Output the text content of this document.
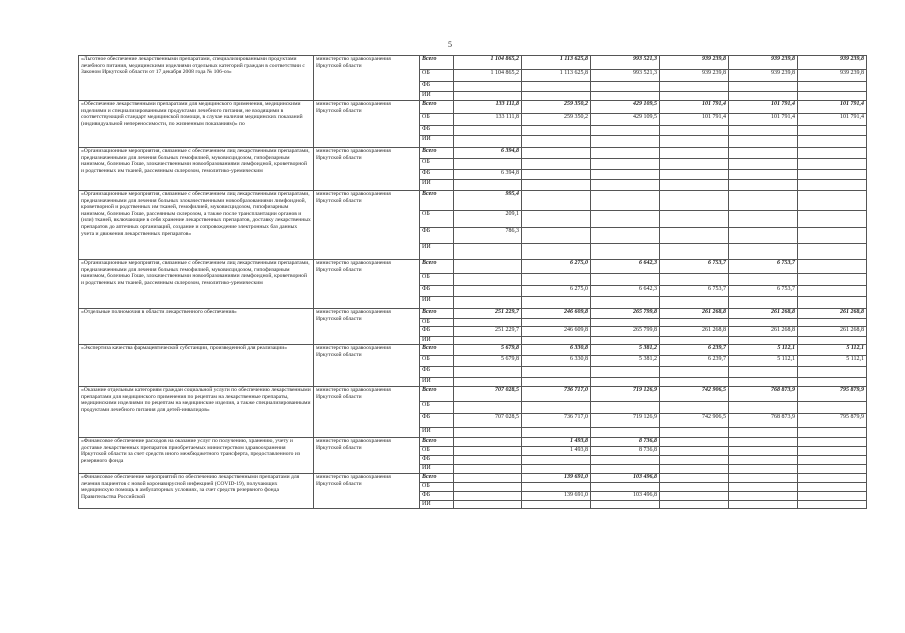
5
«Льготное обеспечение лекарственными препаратами, специализированными продуктами лечебного питания, медицинскими изделиями отдельных категорий граждан в соответствии с Законом Иркутской области от 17 декабря 2008 года № 106-оз»	министерство здравоохранения Иркутской области	Всего	1 104 865,2	1 113 625,8	993 521,3	939 239,8	939 239,8	939 239,8
		ОБ	1 104 865,2	1 113 625,8	993 521,3	939 239,8	939 239,8	939 239,8
		ФБ						
		ИИ						
«Обеспечение лекарственными препаратами для медицинского применения, медицинскими изделиями и специализированными продуктами лечебного питания, не входящими в соответствующий стандарт медицинской помощи, в случае наличия медицинских показаний (индивидуальной непереносимости, по жизненным показаниям)» по	министерство здравоохранения Иркутской области	Всего	133 111,8	259 350,2	429 109,5	101 791,4	101 791,4	101 791,4
		ОБ	133 111,8	259 350,2	429 109,5	101 791,4	101 791,4	101 791,4
		ФБ						
		ИИ						
«Организационные мероприятия, связанные с обеспечением лиц лекарственными препаратами, предназначенными для лечения больных гемофилией, муковисцидозом, гипофизарным нанизмом, болезнью Гоше, злокачественными новообразованиями лимфоидной, кроветворной и родственных им тканей, рассеянным склерозом, гемолитико-уремическим	министерство здравоохранения Иркутской области	Всего	6 394,8					
		ОБ						
		ФБ	6 394,8					
		ИИ						
«Организационные мероприятия, связанные с обеспечением лиц лекарственными препаратами, предназначенными для лечения больных злокачественными новообразованиями лимфоидной, кроветворной и родственных им тканей, гемофилией, муковисцидозом, гипофизарным нанизмом, болезнью Гоше, рассеянным склерозом, а также после трансплантации органов и (или) тканей, включающие в себя хранение лекарственных препаратов, доставку лекарственных препаратов до аптечных организаций, создание и сопровождение электронных баз данных учета и движения лекарственных препаратов»	министерство здравоохранения Иркутской области	Всего	995,4					
		ОБ	209,1					
		ФБ	786,3					
		ИИ						
«Организационные мероприятия, связанные с обеспечением лиц лекарственными препаратами, предназначенными для лечения больных гемофилией, муковисцидозом, гипофизарным нанизмом, болезнью Гоше, злокачественными новообразованиями лимфоидной, кроветворной и родственных им тканей, рассеянным склерозом, гемолитико-уремическим	министерство здравоохранения Иркутской области	Всего		6 275,0	6 642,3	6 753,7	6 753,7	
		ОБ						
		ФБ		6 275,0	6 642,3	6 753,7	6 753,7	
		ИИ						
«Отдельные полномочия в области лекарственного обеспечения»	министерство здравоохранения Иркутской области	Всего	251 229,7	246 609,8	265 799,8	261 268,8	261 268,8	261 268,8
		ОБ						
		ФБ	251 229,7	246 609,8	265 799,8	261 268,8	261 268,8	261 268,8
		ИИ						
«Экспертиза качества фармацевтической субстанции, произведенной для реализации»	министерство здравоохранения Иркутской области	Всего	5 679,8	6 330,8	5 381,2	6 239,7	5 112,1	5 112,1
		ОБ	5 679,8	6 330,8	5 381,2	6 239,7	5 112,1	5 112,1
		ФБ						
		ИИ						
«Оказание отдельным категориям граждан социальной услуги по обеспечению лекарственными препаратами для медицинского применения по рецептам на лекарственные препараты, медицинскими изделиями по рецептам на медицинские изделия, а также специализированными продуктами лечебного питания для детей-инвалидов»	министерство здравоохранения Иркутской области	Всего	707 028,5	736 717,0	719 126,9	742 906,5	768 873,9	795 879,9
		ОБ						
		ФБ	707 028,5	736 717,0	719 126,9	742 906,5	768 873,9	795 879,9
		ИИ						
«Финансовое обеспечение расходов на оказание услуг по получению, хранению, учету и доставке лекарственных препаратов приобретаемых министерством здравоохранения Иркутской области за счет средств иного межбюджетного трансферта, предоставленного из резервного фонда	министерство здравоохранения Иркутской области	Всего		1 493,8	8 736,8			
		ОБ		1 493,8	8 736,8			
		ФБ						
		ИИ						
«Финансовое обеспечение мероприятий по обеспечению лекарственными препаратами для лечения пациентов с новой коронавирусной инфекцией (COVID-19), получающих медицинскую помощь в амбулаторных условиях, за счет средств резервного фонда Правительства Российской	министерство здравоохранения Иркутской области	Всего		139 691,0	103 496,8			
		ОБ						
		ФБ		139 691,0	103 496,8			
		ИИ						
